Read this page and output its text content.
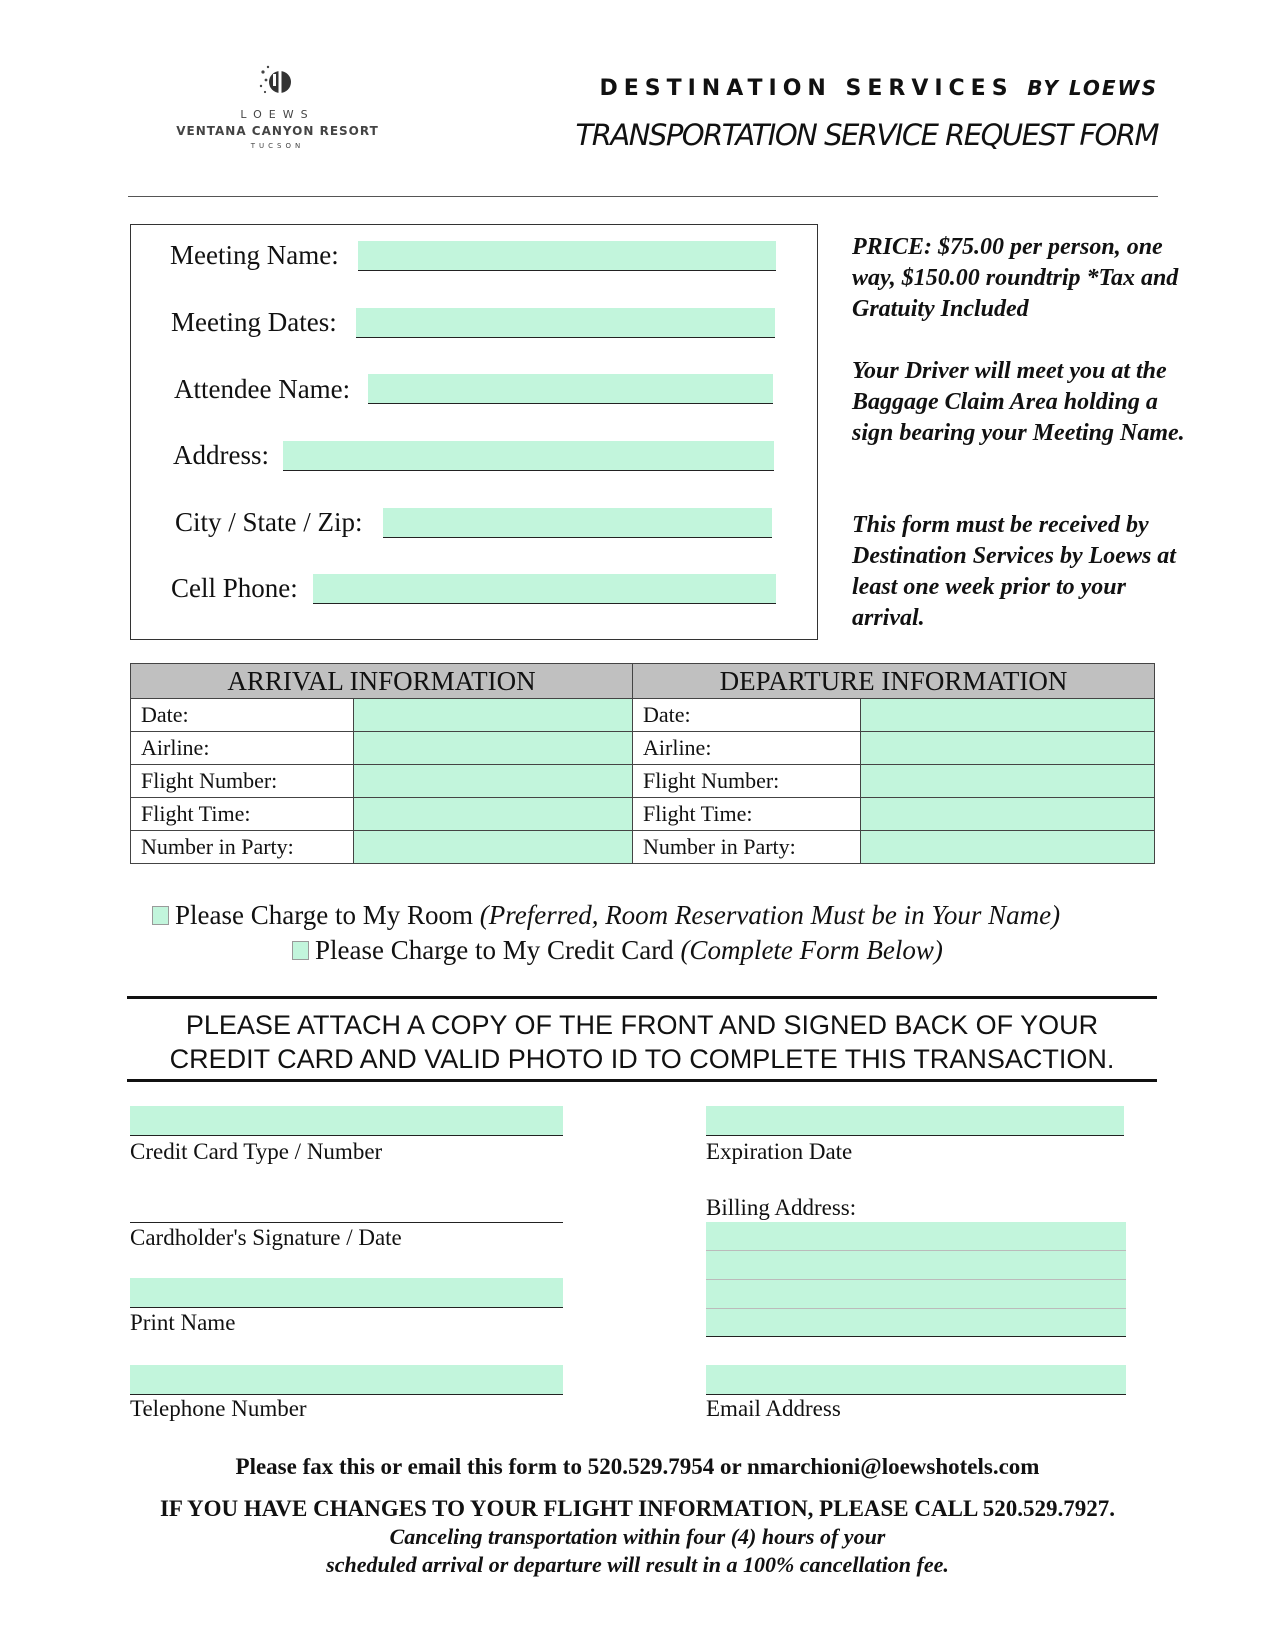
LOEWS
VENTANA CANYON RESORT
TUCSON
DESTINATION SERVICES BY LOEWS
TRANSPORTATION SERVICE REQUEST FORM
Meeting Name:
Meeting Dates:
Attendee Name:
Address:
City / State / Zip:
Cell Phone:
PRICE: $75.00 per person, one way, $150.00 roundtrip *Tax and Gratuity Included
Your Driver will meet you at the Baggage Claim Area holding a sign bearing your Meeting Name.
This form must be received by Destination Services by Loews at least one week prior to your arrival.
ARRIVAL INFORMATION		DEPARTURE INFORMATION	
Date:		Date:	
Airline:		Airline:	
Flight Number:		Flight Number:	
Flight Time:		Flight Time:	
Number in Party:		Number in Party:	
Please Charge to My Room (Preferred, Room Reservation Must be in Your Name)
Please Charge to My Credit Card (Complete Form Below)
PLEASE ATTACH A COPY OF THE FRONT AND SIGNED BACK OF YOUR
CREDIT CARD AND VALID PHOTO ID TO COMPLETE THIS TRANSACTION.
Credit Card Type / Number
Cardholder's Signature / Date
Print Name
Telephone Number
Expiration Date
Billing Address:
Email Address
Please fax this or email this form to 520.529.7954 or nmarchioni@loewshotels.com
IF YOU HAVE CHANGES TO YOUR FLIGHT INFORMATION, PLEASE CALL 520.529.7927.
Canceling transportation within four (4) hours of your
scheduled arrival or departure will result in a 100% cancellation fee.
